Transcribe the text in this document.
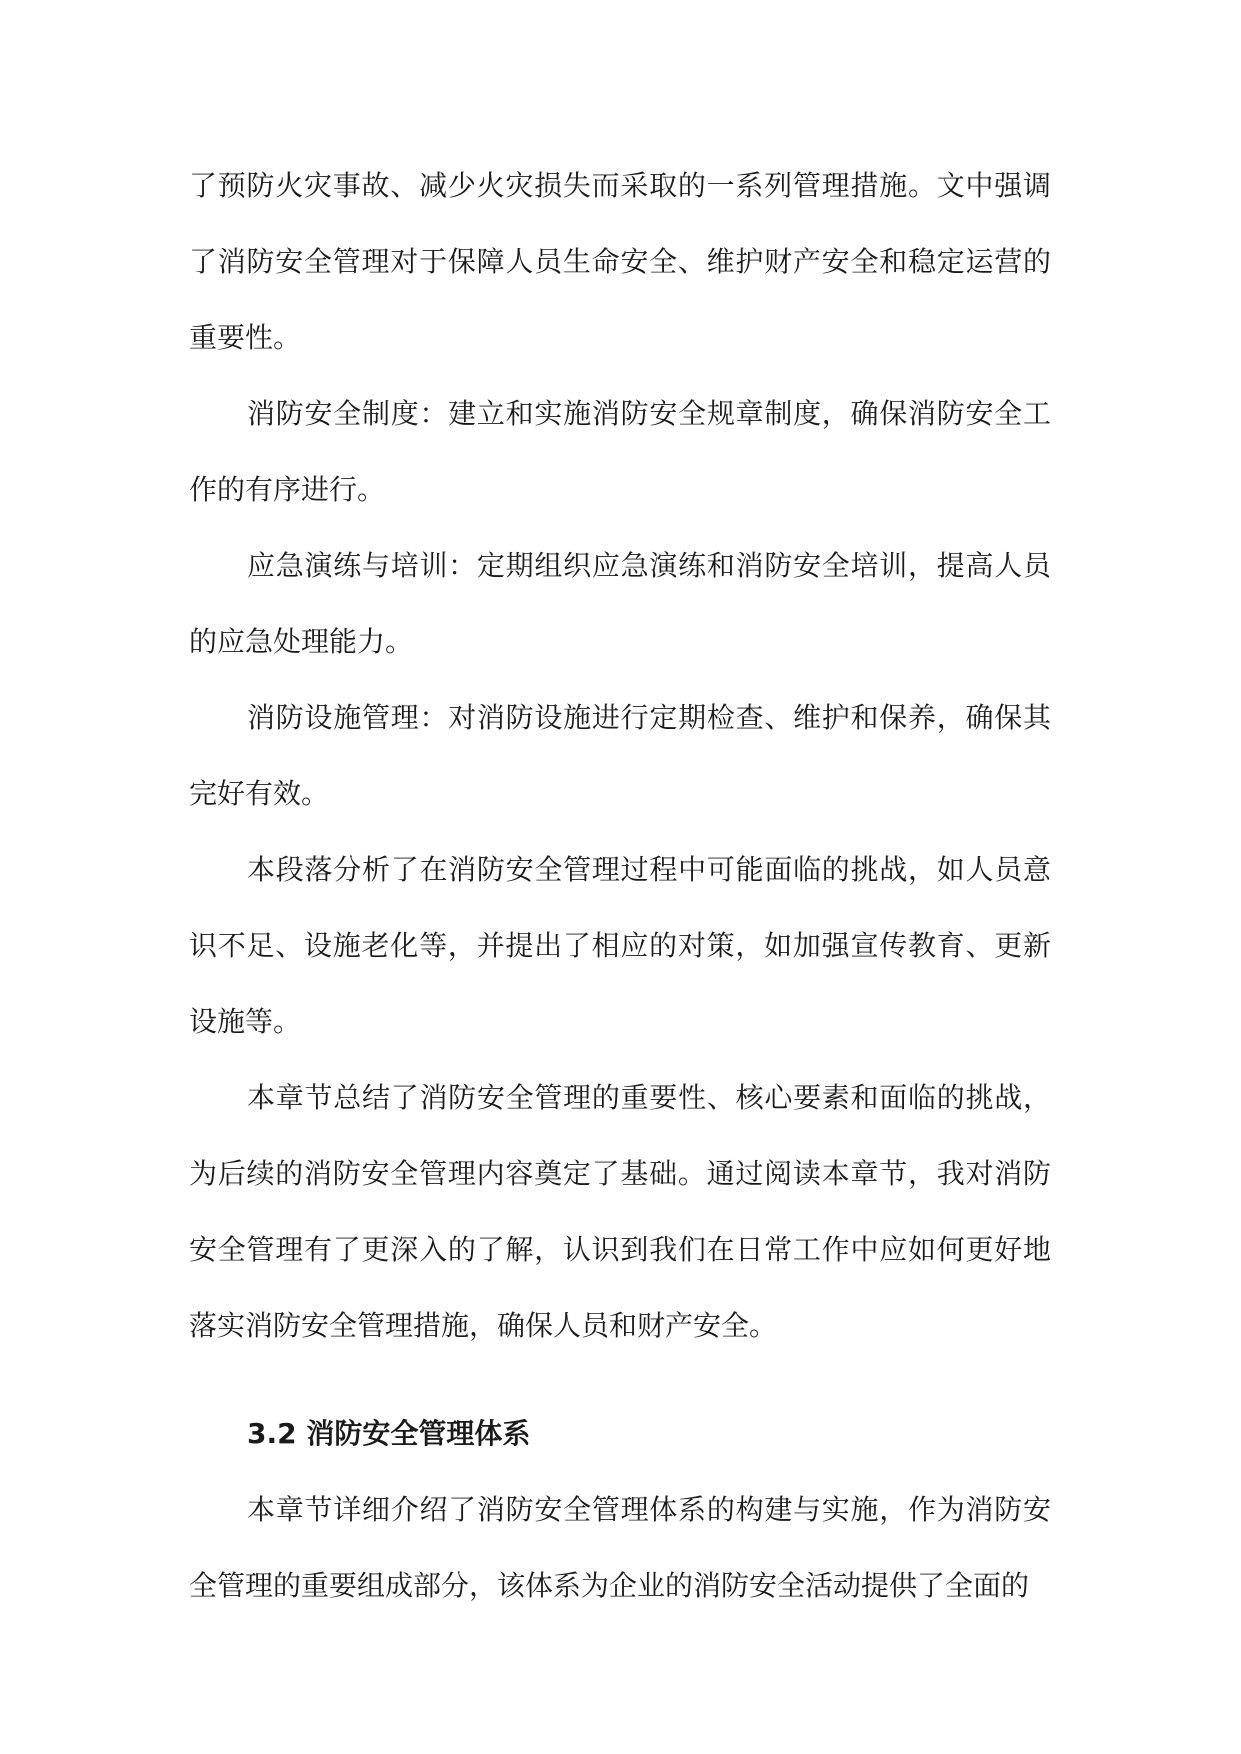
了预防火灾事故、减少火灾损失而采取的一系列管理措施。文中强调了消防安全管理对于保障人员生命安全、维护财产安全和稳定运营的重要性。

消防安全制度：建立和实施消防安全规章制度，确保消防安全工作的有序进行。

应急演练与培训：定期组织应急演练和消防安全培训，提高人员的应急处理能力。

消防设施管理：对消防设施进行定期检查、维护和保养，确保其完好有效。

本段落分析了在消防安全管理过程中可能面临的挑战，如人员意识不足、设施老化等，并提出了相应的对策，如加强宣传教育、更新设施等。

本章节总结了消防安全管理的重要性、核心要素和面临的挑战，为后续的消防安全管理内容奠定了基础。通过阅读本章节，我对消防安全管理有了更深入的了解，认识到我们在日常工作中应如何更好地落实消防安全管理措施，确保人员和财产安全。

3.2 消防安全管理体系

本章节详细介绍了消防安全管理体系的构建与实施，作为消防安全管理的重要组成部分，该体系为企业的消防安全活动提供了全面的
